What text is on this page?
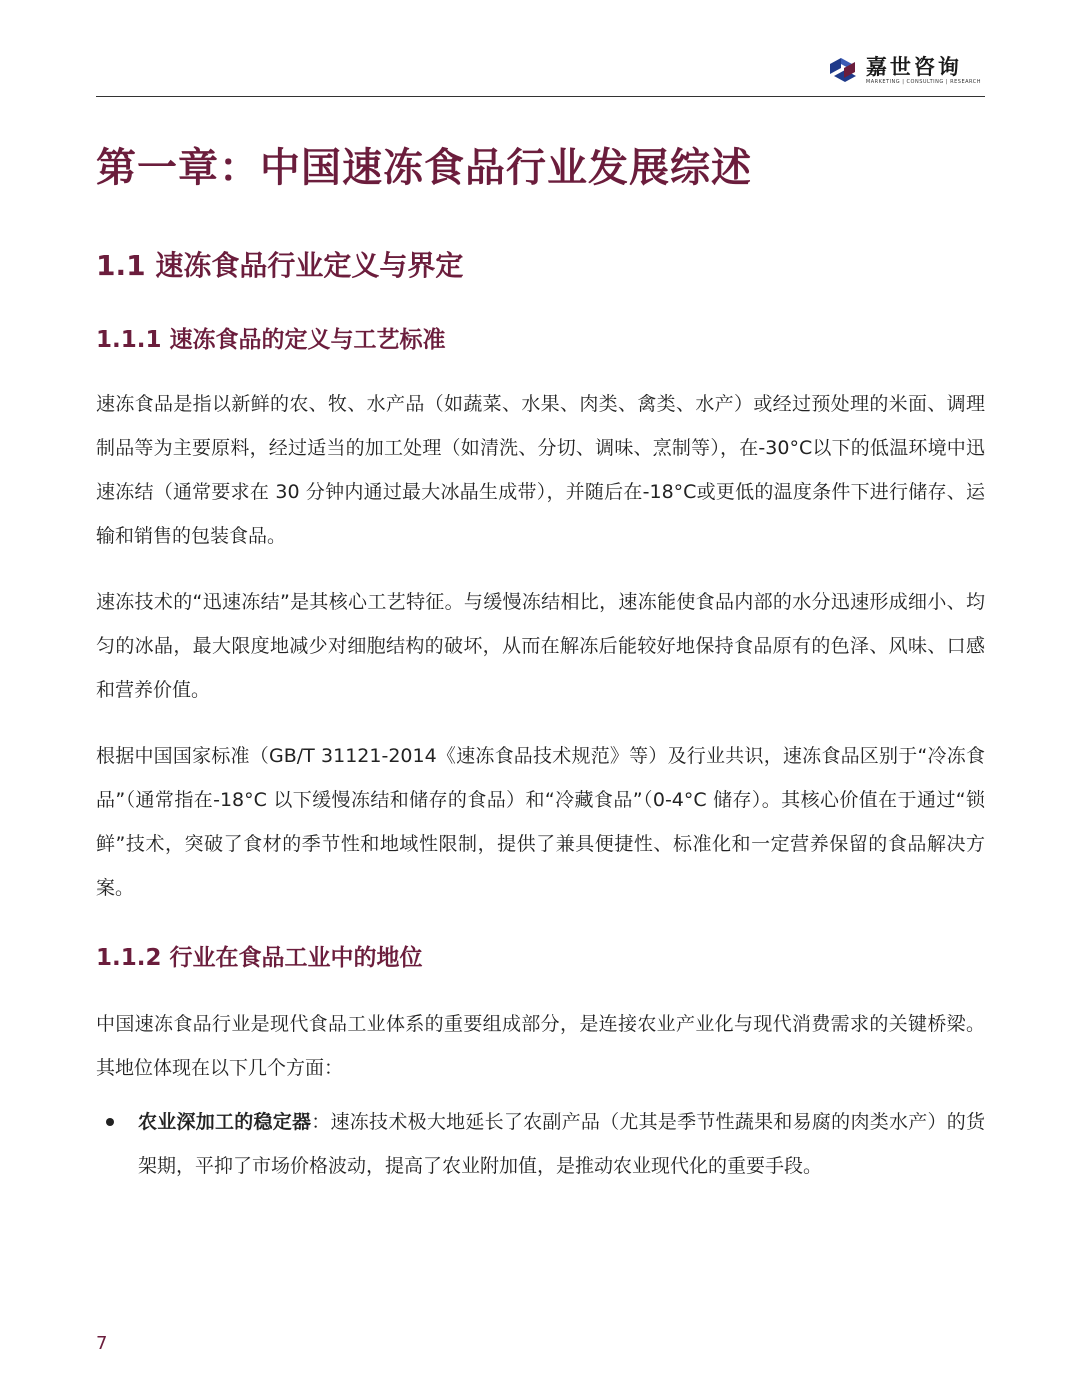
嘉世咨询
MARKETING | CONSULTING | RESEARCH
第一章：中国速冻食品行业发展综述
1.1 速冻食品行业定义与界定
1.1.1 速冻食品的定义与工艺标准

速冻食品是指以新鲜的农、牧、水产品（如蔬菜、水果、肉类、禽类、水产）或经过预处理的米面、调理制品等为主要原料，经过适当的加工处理（如清洗、分切、调味、烹制等），在-30°C以下的低温环境中迅速冻结（通常要求在 30 分钟内通过最大冰晶生成带），并随后在-18°C或更低的温度条件下进行储存、运输和销售的包装食品。

速冻技术的“迅速冻结”是其核心工艺特征。与缓慢冻结相比，速冻能使食品内部的水分迅速形成细小、均匀的冰晶，最大限度地减少对细胞结构的破坏，从而在解冻后能较好地保持食品原有的色泽、风味、口感和营养价值。

根据中国国家标准（GB/T 31121-2014《速冻食品技术规范》等）及行业共识，速冻食品区别于“冷冻食品”（通常指在-18°C 以下缓慢冻结和储存的食品）和“冷藏食品”（0-4°C 储存）。其核心价值在于通过“锁鲜”技术，突破了食材的季节性和地域性限制，提供了兼具便捷性、标准化和一定营养保留的食品解决方案。

1.1.2 行业在食品工业中的地位

中国速冻食品行业是现代食品工业体系的重要组成部分，是连接农业产业化与现代消费需求的关键桥梁。其地位体现在以下几个方面：

农业深加工的稳定器：速冻技术极大地延长了农副产品（尤其是季节性蔬果和易腐的肉类水产）的货架期，平抑了市场价格波动，提高了农业附加值，是推动农业现代化的重要手段。

7
